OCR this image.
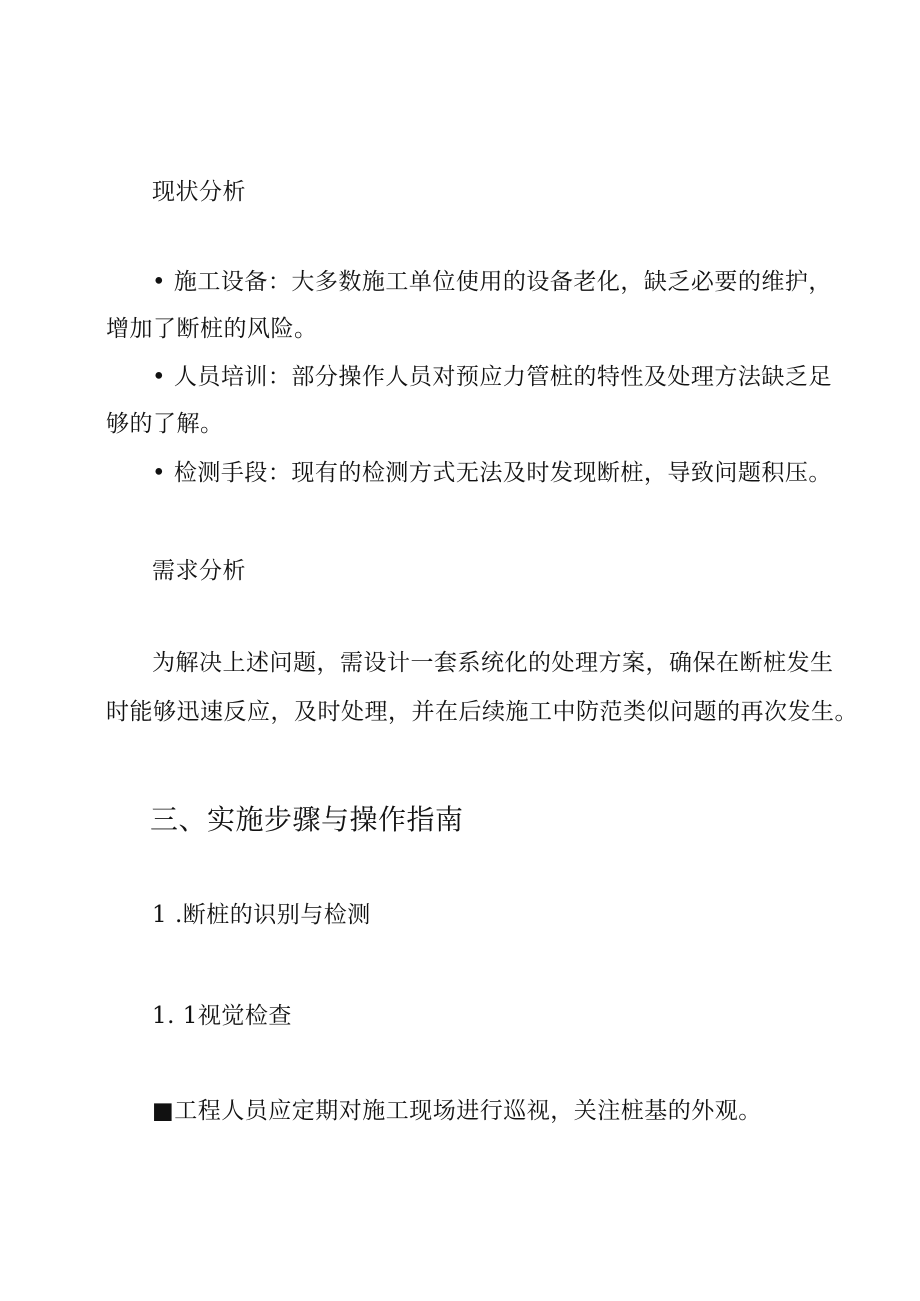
现状分析
• 施工设备：大多数施工单位使用的设备老化，缺乏必要的维护，
增加了断桩的风险。
• 人员培训：部分操作人员对预应力管桩的特性及处理方法缺乏足
够的了解。
• 检测手段：现有的检测方式无法及时发现断桩，导致问题积压。
需求分析
为解决上述问题，需设计一套系统化的处理方案，确保在断桩发生
时能够迅速反应，及时处理，并在后续施工中防范类似问题的再次发生。
三、实施步骤与操作指南
1 .断桩的识别与检测
1. 1视觉检查
■工程人员应定期对施工现场进行巡视，关注桩基的外观。
